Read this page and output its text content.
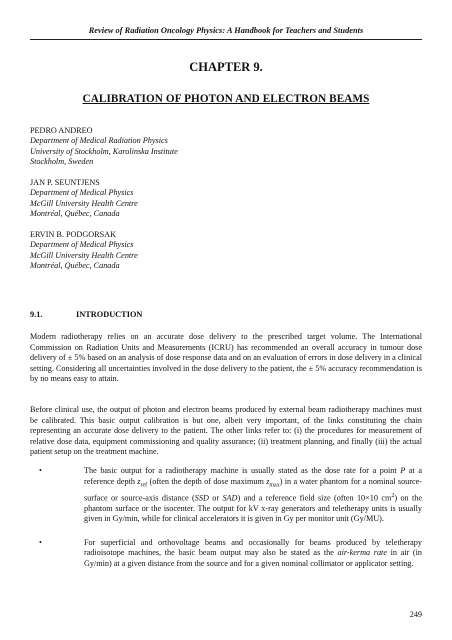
Review of Radiation Oncology Physics: A Handbook for Teachers and Students
CHAPTER 9.
CALIBRATION OF PHOTON AND ELECTRON BEAMS
PEDRO ANDREO
Department of Medical Radiation Physics
University of Stockholm, Karolinska Institute
Stockholm, Sweden
JAN P. SEUNTJENS
Department of Medical Physics
McGill University Health Centre
Montréal, Québec, Canada
ERVIN B. PODGORSAK
Department of Medical Physics
McGill University Health Centre
Montréal, Québec, Canada
9.1.	INTRODUCTION

Modern radiotherapy relies on an accurate dose delivery to the prescribed target volume. The International Commission on Radiation Units and Measurements (ICRU) has recommended an overall accuracy in tumour dose delivery of ± 5% based on an analysis of dose response data and on an evaluation of errors in dose delivery in a clinical setting. Considering all uncertainties involved in the dose delivery to the patient, the ± 5% accuracy recommendation is by no means easy to attain.

Before clinical use, the output of photon and electron beams produced by external beam radiotherapy machines must be calibrated. This basic output calibration is but one, albeit very important, of the links constituting the chain representing an accurate dose delivery to the patient. The other links refer to: (i) the procedures for measurement of relative dose data, equipment commissioning and quality assurance; (ii) treatment planning, and finally (iii) the actual patient setup on the treatment machine.

•	The basic output for a radiotherapy machine is usually stated as the dose rate for a point P at a reference depth $z_{ref}$ (often the depth of dose maximum $z_{max}$) in a water phantom for a nominal source-surface or source-axis distance (SSD or SAD) and a reference field size (often 10×10 $cm^2$) on the phantom surface or the isocenter. The output for kV x-ray generators and teletherapy units is usually given in Gy/min, while for clinical accelerators it is given in Gy per monitor unit (Gy/MU).
•	For superficial and orthovoltage beams and occasionally for beams produced by teletherapy radioisotope machines, the basic beam output may also be stated as the air-kerma rate in air (in Gy/min) at a given distance from the source and for a given nominal collimator or applicator setting.
249
